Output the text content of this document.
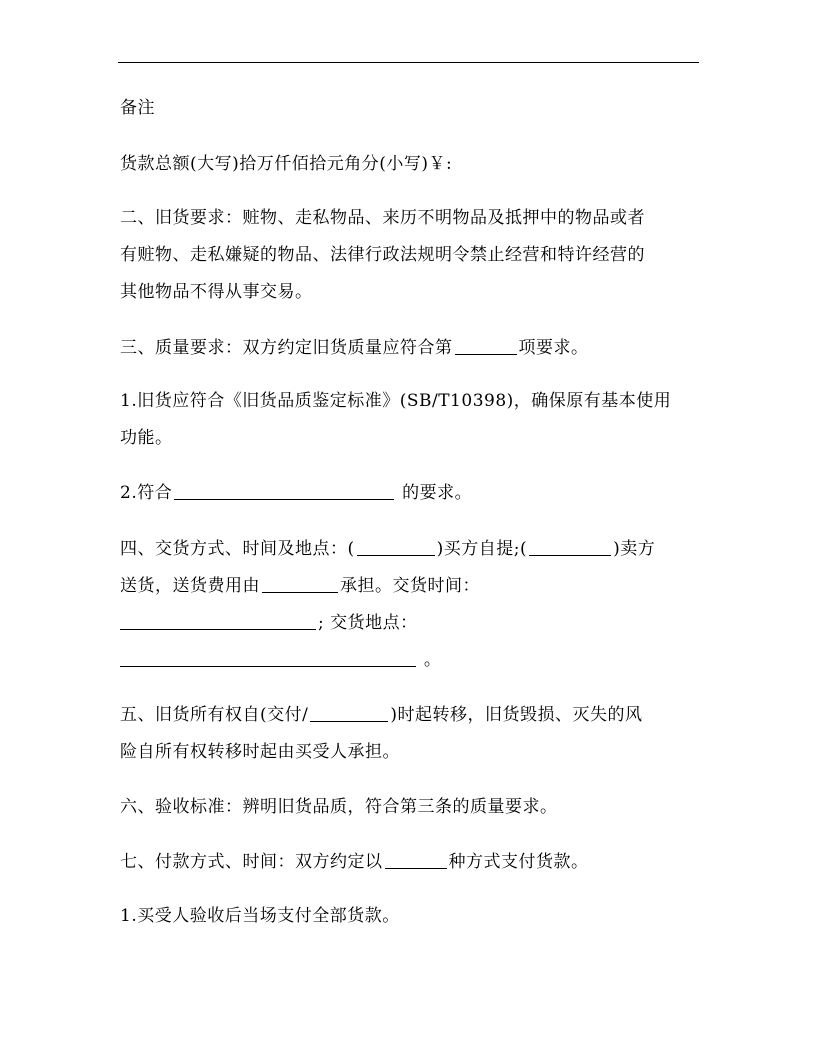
备注
货款总额(大写)拾万仟佰拾元角分(小写)￥:
二、旧货要求：赃物、走私物品、来历不明物品及抵押中的物品或者
有赃物、走私嫌疑的物品、法律行政法规明令禁止经营和特许经营的
其他物品不得从事交易。
三、质量要求：双方约定旧货质量应符合第	项要求。
1.旧货应符合《旧货品质鉴定标准》(SB/T10398)，确保原有基本使用
功能。
2.符合	的要求。
四、交货方式、时间及地点：(	)买方自提;(	)卖方
送货，送货费用由	承担。交货时间：
; 交货地点：
。
五、旧货所有权自(交付/	)时起转移，旧货毁损、灭失的风
险自所有权转移时起由买受人承担。
六、验收标准：辨明旧货品质，符合第三条的质量要求。
七、付款方式、时间：双方约定以	种方式支付货款。
1.买受人验收后当场支付全部货款。
